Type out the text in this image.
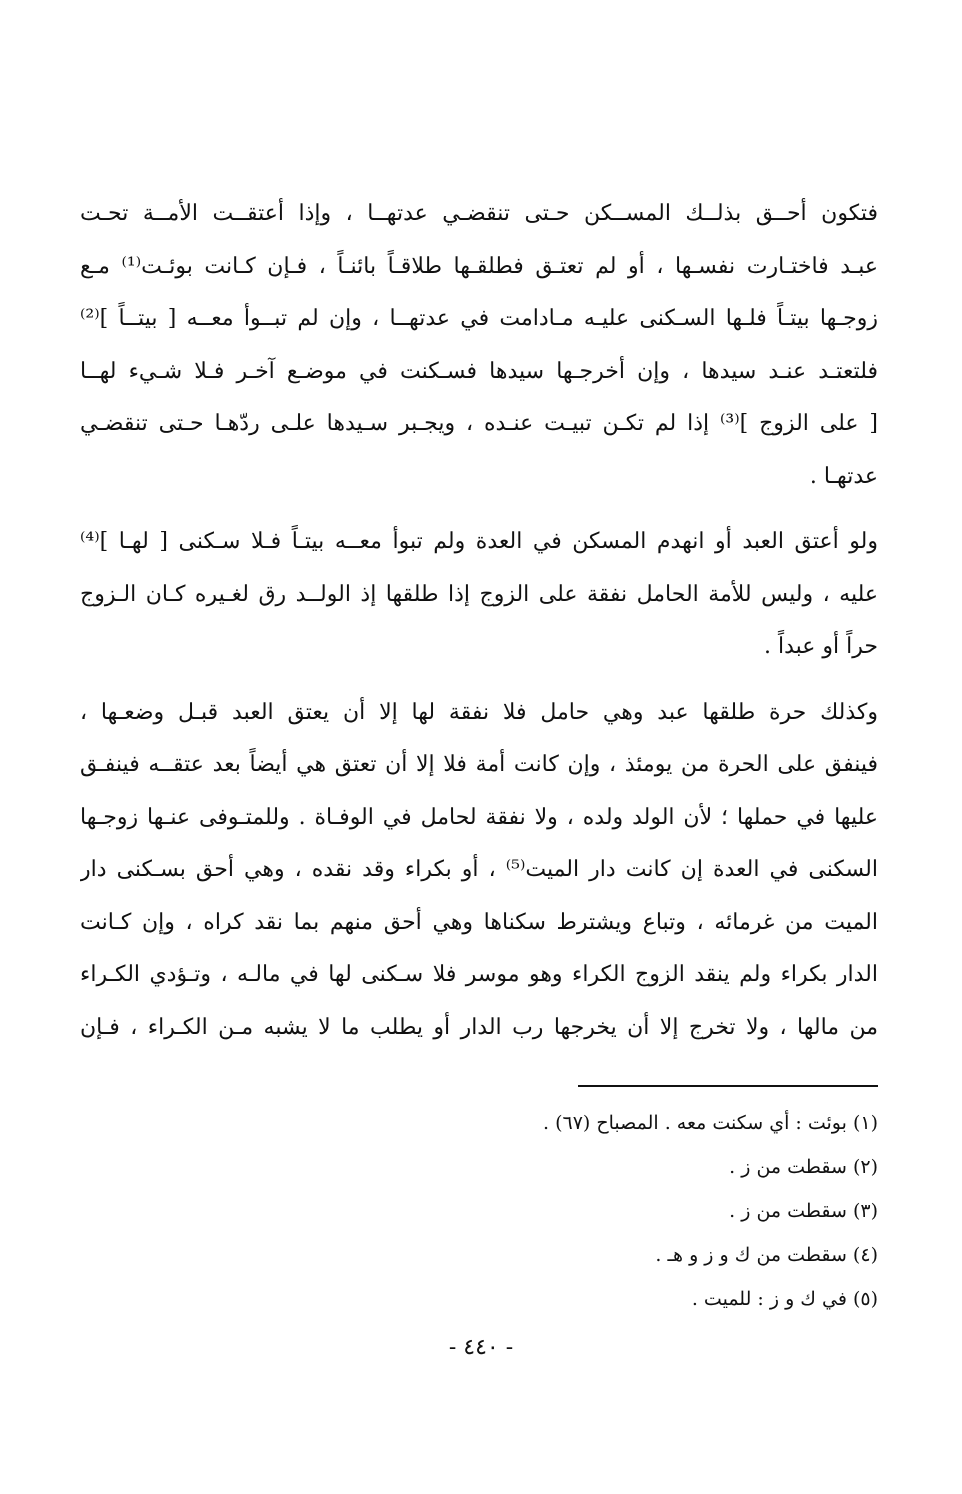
فتكون أحــق بذلــك المســكن حـتى تنقضـي عدتهــا ، وإذا أعتقــت الأمــة تحـت
عبـد فاختـارت نفسـها ، أو لم تعتـق فطلقـها طلاقـاً بائنـاً ، فـإن كـانت بوئـت⁽¹⁾ مـع
زوجـها بيتـاً فلـها السـكنى عليـه مـادامت في عدتهــا ، وإن لم تبــوأ معــه [ بيتــاً ]⁽²⁾
فلتعتـد عنـد سيدها ، وإن أخرجـها سيدها فسـكنت في موضـع آخـر فـلا شـيء لهــا
[ على الزوج ]⁽³⁾ إذا لم تكـن تبيـت عنـده ، ويجـبر سـيدها علـى ردّهـا حـتى تنقضـي
عدتهـا .
ولو أعتق العبد أو انهدم المسكن في العدة ولم تبوأ معــه بيتـاً فـلا سـكنى [ لهـا ]⁽⁴⁾
عليه ، وليس للأمة الحامل نفقة على الزوج إذا طلقها إذ الولــد رق لغـيره كـان الـزوج
حراً أو عبداً .
وكذلك حرة طلقها عبد وهي حامل فلا نفقة لها إلا أن يعتق العبد قبـل وضعـها ،
فينفق على الحرة من يومئذ ، وإن كانت أمة فلا إلا أن تعتق هي أيضاً بعد عتقــه فينفـق
عليها في حملها ؛ لأن الولد ولده ، ولا نفقة لحامل في الوفـاة . وللمتـوفى عنـها زوجـها
السكنى في العدة إن كانت دار الميت⁽⁵⁾ ، أو بكراء وقد نقده ، وهي أحق بسـكنى دار
الميت من غرمائه ، وتباع ويشترط سكناها وهي أحق منهم بما نقد كراه ، وإن كـانت
الدار بكراء ولم ينقد الزوج الكراء وهو موسر فلا سـكنى لها في مالـه ، وتـؤدي الكـراء
من مالها ، ولا تخرج إلا أن يخرجها رب الدار أو يطلب ما لا يشبه مـن الكـراء ، فـإن
(١) بوئت : أي سكنت معه . المصباح (٦٧) .
(٢) سقطت من ز .
(٣) سقطت من ز .
(٤) سقطت من ك و ز و هـ .
(٥) في ك و ز : للميت .
- ٤٤٠ -
